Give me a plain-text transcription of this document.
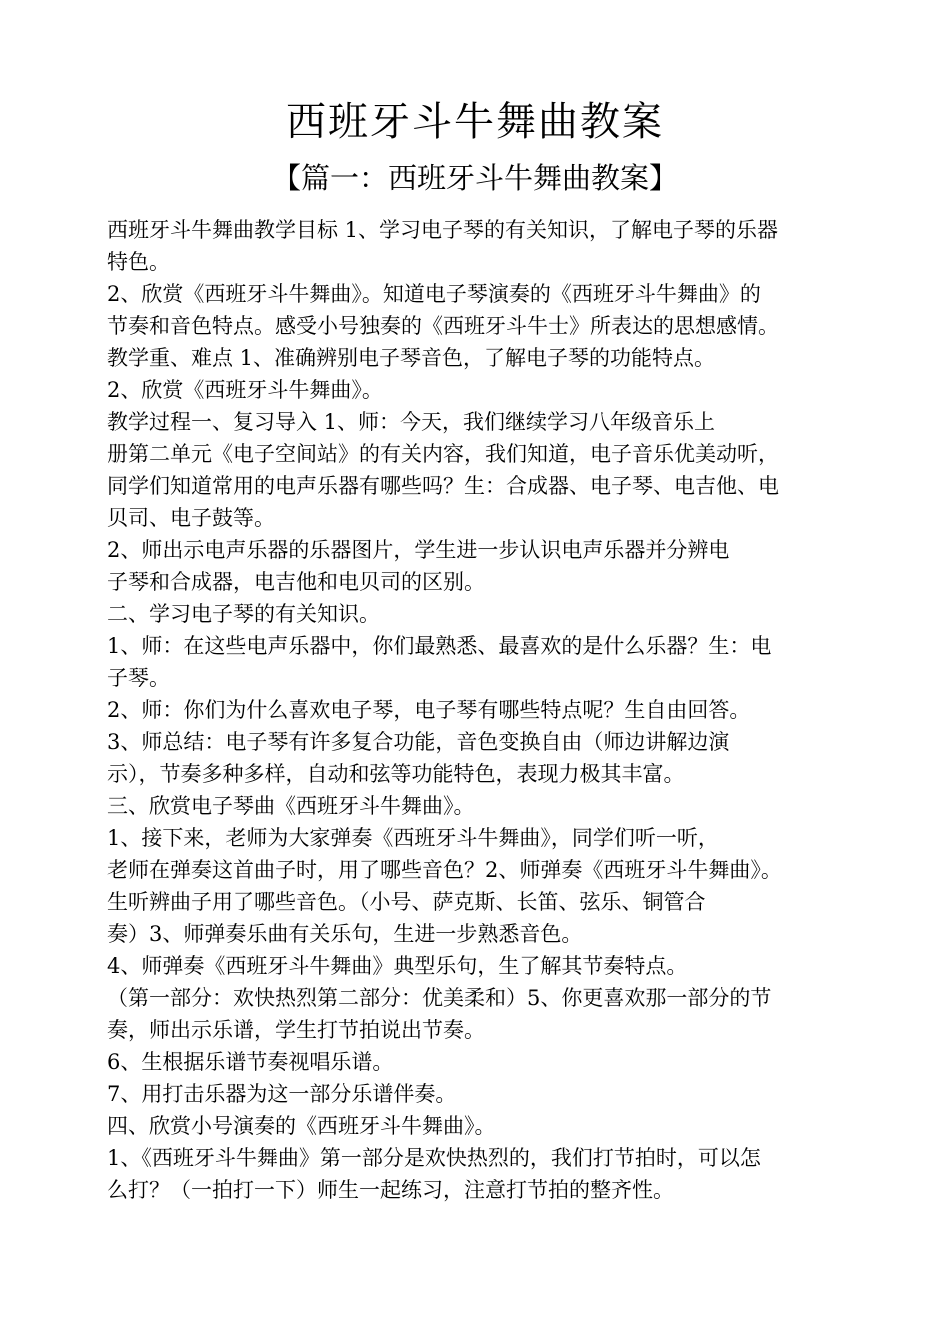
西班牙斗牛舞曲教案
【篇一：西班牙斗牛舞曲教案】
西班牙斗牛舞曲教学目标 1、学习电子琴的有关知识，了解电子琴的乐器
特色。
2、欣赏《西班牙斗牛舞曲》。知道电子琴演奏的《西班牙斗牛舞曲》的
节奏和音色特点。感受小号独奏的《西班牙斗牛士》所表达的思想感情。
教学重、难点 1、准确辨别电子琴音色，了解电子琴的功能特点。
2、欣赏《西班牙斗牛舞曲》。
教学过程一、复习导入 1、师：今天，我们继续学习八年级音乐上
册第二单元《电子空间站》的有关内容，我们知道，电子音乐优美动听，
同学们知道常用的电声乐器有哪些吗？生：合成器、电子琴、电吉他、电
贝司、电子鼓等。
2、师出示电声乐器的乐器图片，学生进一步认识电声乐器并分辨电
子琴和合成器，电吉他和电贝司的区别。
二、学习电子琴的有关知识。
1、师：在这些电声乐器中，你们最熟悉、最喜欢的是什么乐器？生：电
子琴。
2、师：你们为什么喜欢电子琴，电子琴有哪些特点呢？生自由回答。
3、师总结：电子琴有许多复合功能，音色变换自由（师边讲解边演
示），节奏多种多样，自动和弦等功能特色，表现力极其丰富。
三、欣赏电子琴曲《西班牙斗牛舞曲》。
1、接下来，老师为大家弹奏《西班牙斗牛舞曲》，同学们听一听，
老师在弹奏这首曲子时，用了哪些音色？2、师弹奏《西班牙斗牛舞曲》。
生听辨曲子用了哪些音色。（小号、萨克斯、长笛、弦乐、铜管合
奏）3、师弹奏乐曲有关乐句，生进一步熟悉音色。
4、师弹奏《西班牙斗牛舞曲》典型乐句，生了解其节奏特点。
（第一部分：欢快热烈第二部分：优美柔和）5、你更喜欢那一部分的节
奏，师出示乐谱，学生打节拍说出节奏。
6、生根据乐谱节奏视唱乐谱。
7、用打击乐器为这一部分乐谱伴奏。
四、欣赏小号演奏的《西班牙斗牛舞曲》。
1、《西班牙斗牛舞曲》第一部分是欢快热烈的，我们打节拍时，可以怎
么打？（一拍打一下）师生一起练习，注意打节拍的整齐性。
